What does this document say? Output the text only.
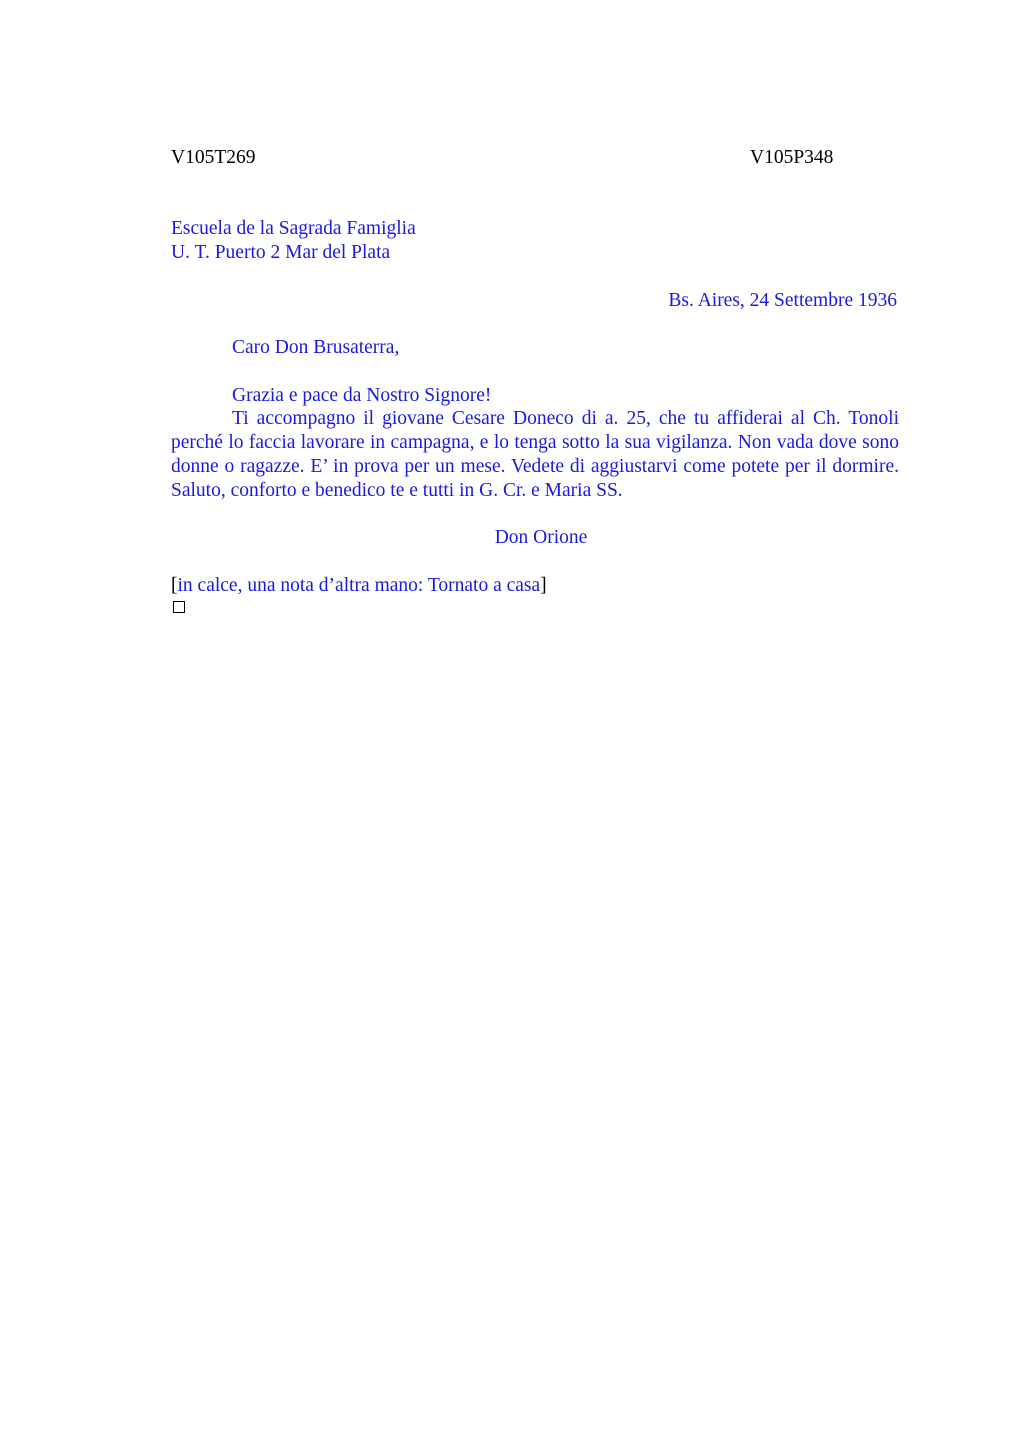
V105T269	V105P348
Escuela de la Sagrada Famiglia
U. T. Puerto 2 Mar del Plata
Bs. Aires, 24 Settembre 1936
Caro Don Brusaterra,
Grazia e pace da Nostro Signore!
Ti accompagno il giovane Cesare Doneco di a. 25, che tu affiderai al Ch. Tonoli perché lo faccia lavorare in campagna, e lo tenga sotto la sua vigilanza. Non vada dove sono donne o ragazze. E’ in prova per un mese. Vedete di aggiustarvi come potete per il dormire. Saluto, conforto e benedico te e tutti in G. Cr. e Maria SS.
Don Orione
[in calce, una nota d’altra mano: Tornato a casa]
